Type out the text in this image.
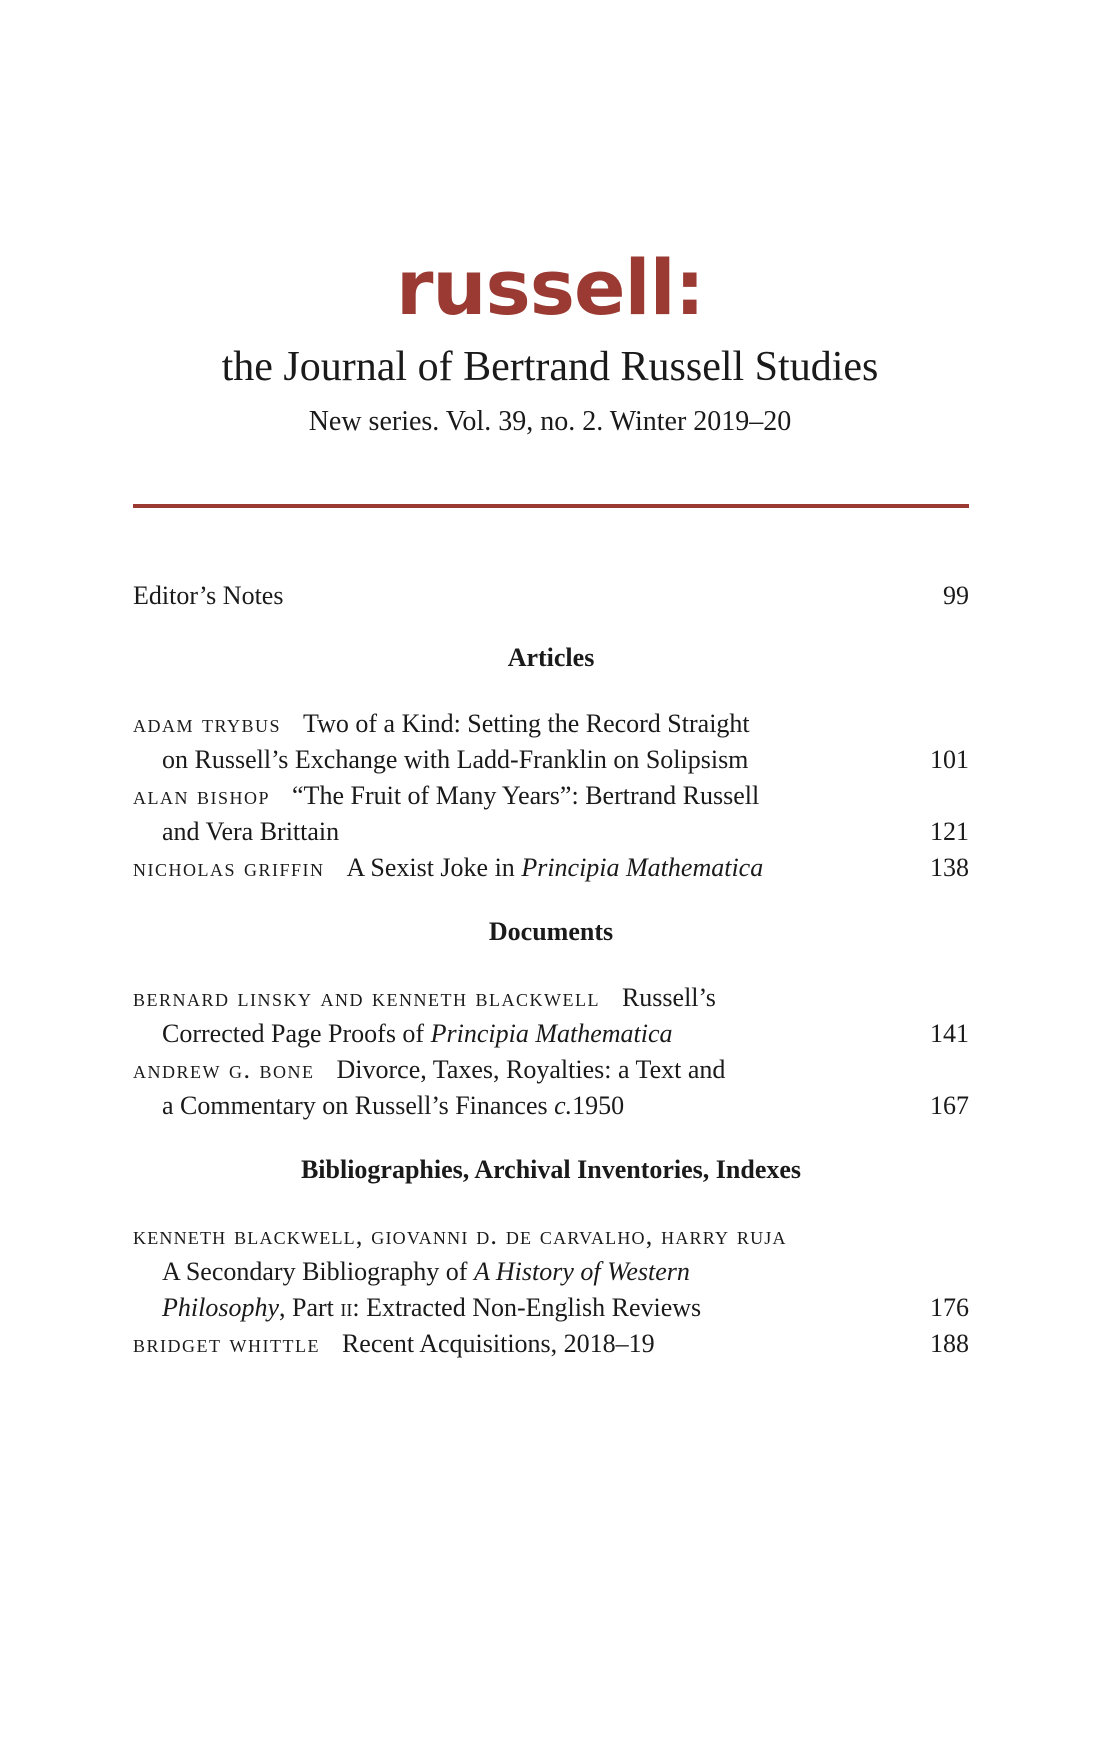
russell:
the Journal of Bertrand Russell Studies
New series. Vol. 39, no. 2. Winter 2019–20
Editor’s Notes	99
Articles
adam trybus Two of a Kind: Setting the Record Straight
on Russell’s Exchange with Ladd-Franklin on Solipsism	101
alan bishop “The Fruit of Many Years”: Bertrand Russell
and Vera Brittain	121
nicholas griffin A Sexist Joke in Principia Mathematica	138
Documents
bernard linsky and kenneth blackwell Russell’s
Corrected Page Proofs of Principia Mathematica	141
andrew g. bone Divorce, Taxes, Royalties: a Text and
a Commentary on Russell’s Finances c.1950	167
Bibliographies, Archival Inventories, Indexes
kenneth blackwell, giovanni d. de carvalho, harry ruja
A Secondary Bibliography of A History of Western
Philosophy, Part ii: Extracted Non-English Reviews	176
bridget whittle Recent Acquisitions, 2018–19	188
